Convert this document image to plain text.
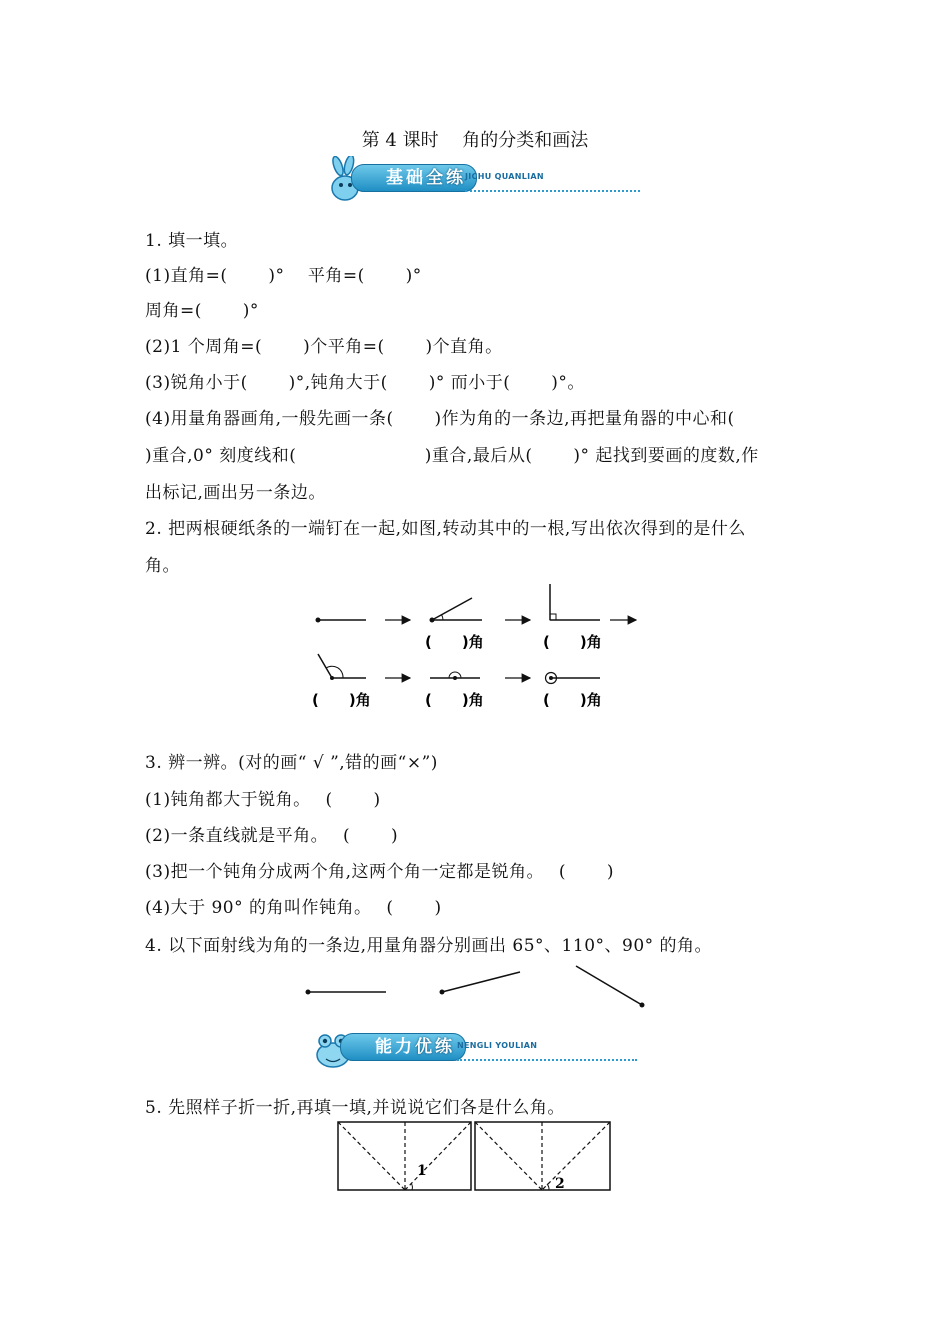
第 4 课时　 角的分类和画法
基础全练 JICHU QUANLIAN
1. 填一填。
(1)直角=(　　 )°　 平角=(　　 )°
周角=(　　 )°
(2)1 个周角=(　　 )个平角=(　　 )个直角。
(3)锐角小于(　　 )°,钝角大于(　　 )° 而小于(　　 )°。
(4)用量角器画角,一般先画一条(　　 )作为角的一条边,再把量角器的中心和(
)重合,0° 刻度线和(　　　　　　　 )重合,最后从(　　 )° 起找到要画的度数,作
出标记,画出另一条边。
2. 把两根硬纸条的一端钉在一起,如图,转动其中的一根,写出依次得到的是什么
角。
(　　)角	(　　)角
(　　)角	(　　)角	(　　)角
3. 辨一辨。(对的画“ √ ”,错的画“×”)
(1)钝角都大于锐角。　 (　　 )
(2)一条直线就是平角。　 (　　 )
(3)把一个钝角分成两个角,这两个角一定都是锐角。　 (　　 )
(4)大于 90° 的角叫作钝角。　 (　　 )
4. 以下面射线为角的一条边,用量角器分别画出 65°、110°、90° 的角。
能力优练 NENGLI YOULIAN
5. 先照样子折一折,再填一填,并说说它们各是什么角。
1
2
